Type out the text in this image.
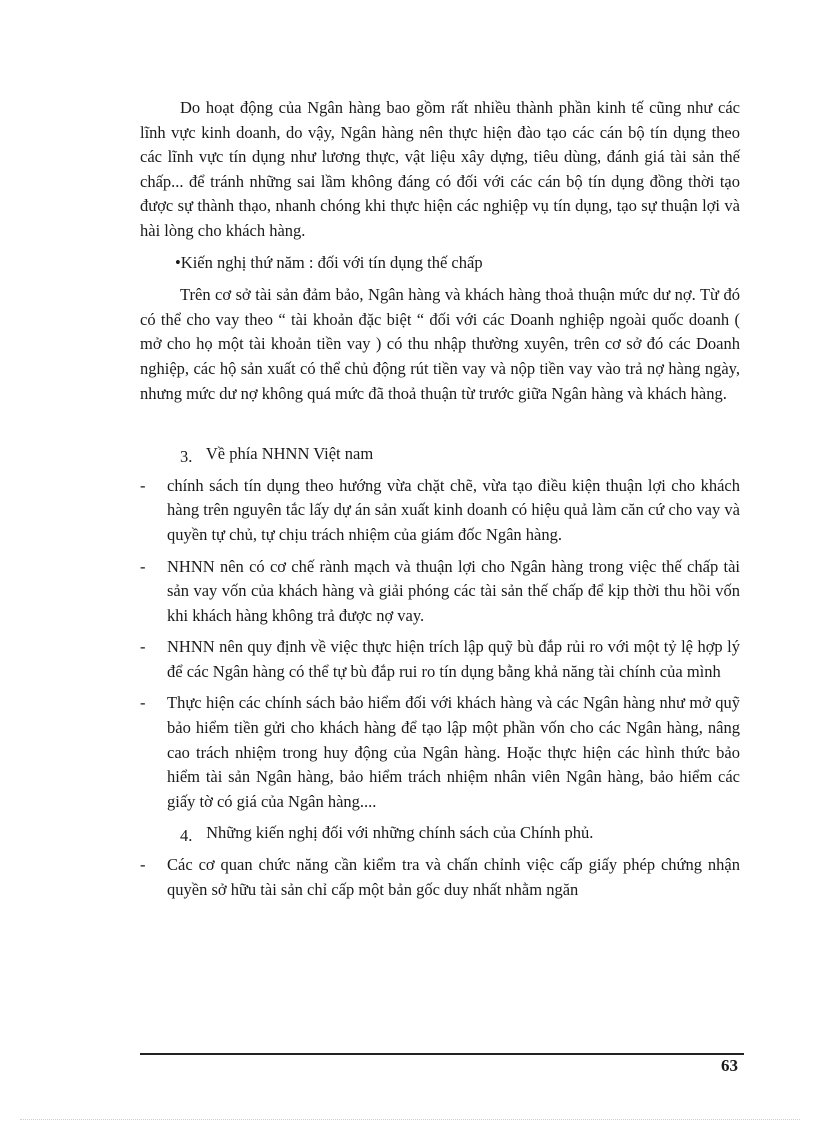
Do hoạt động của Ngân hàng bao gồm rất nhiều thành phần kinh tế cũng như các lĩnh vực kinh doanh, do vậy, Ngân hàng nên thực hiện đào tạo các cán bộ tín dụng theo các lĩnh vực tín dụng như lương thực, vật liệu xây dựng, tiêu dùng, đánh giá tài sản thế chấp... để tránh những sai lầm không đáng có đối với các cán bộ tín dụng đồng thời tạo được sự thành thạo, nhanh chóng khi thực hiện các nghiệp vụ tín dụng, tạo sự thuận lợi và hài lòng cho khách hàng.

•Kiến nghị thứ năm : đối với tín dụng thế chấp

Trên cơ sở tài sản đảm bảo, Ngân hàng và khách hàng thoả thuận mức dư nợ. Từ đó có thể cho vay theo “ tài khoản đặc biệt “ đối với các Doanh nghiệp ngoài quốc doanh ( mở cho họ một tài khoản tiền vay ) có thu nhập thường xuyên, trên cơ sở đó các Doanh nghiệp, các hộ sản xuất có thể chủ động rút tiền vay và nộp tiền vay vào trả nợ hàng ngày, nhưng mức dư nợ không quá mức đã thoả thuận từ trước giữa Ngân hàng và khách hàng.

3. Về phía NHNN Việt nam
- chính sách tín dụng theo hướng vừa chặt chẽ, vừa tạo điều kiện thuận lợi cho khách hàng trên nguyên tắc lấy dự án sản xuất kinh doanh có hiệu quả làm căn cứ cho vay và quyền tự chủ, tự chịu trách nhiệm của giám đốc Ngân hàng.

- NHNN nên có cơ chế rành mạch và thuận lợi cho Ngân hàng trong việc thế chấp tài sản vay vốn của khách hàng và giải phóng các tài sản thế chấp để kịp thời thu hồi vốn khi khách hàng không trả được nợ vay.

- NHNN nên quy định về việc thực hiện trích lập quỹ bù đắp rủi ro với một tỷ lệ hợp lý để các Ngân hàng có thể tự bù đắp rui ro tín dụng bằng khả năng tài chính của mình

- Thực hiện các chính sách bảo hiểm đối với khách hàng và các Ngân hàng như mở quỹ bảo hiểm tiền gửi cho khách hàng để tạo lập một phần vốn cho các Ngân hàng, nâng cao trách nhiệm trong huy động của Ngân hàng. Hoặc thực hiện các hình thức bảo hiểm tài sản Ngân hàng, bảo hiểm trách nhiệm nhân viên Ngân hàng, bảo hiểm các giấy tờ có giá của Ngân hàng....

4. Những kiến nghị đối với những chính sách của Chính phủ.
- Các cơ quan chức năng cần kiểm tra và chấn chỉnh việc cấp giấy phép chứng nhận quyền sở hữu tài sản chỉ cấp một bản gốc duy nhất nhằm ngăn

63
